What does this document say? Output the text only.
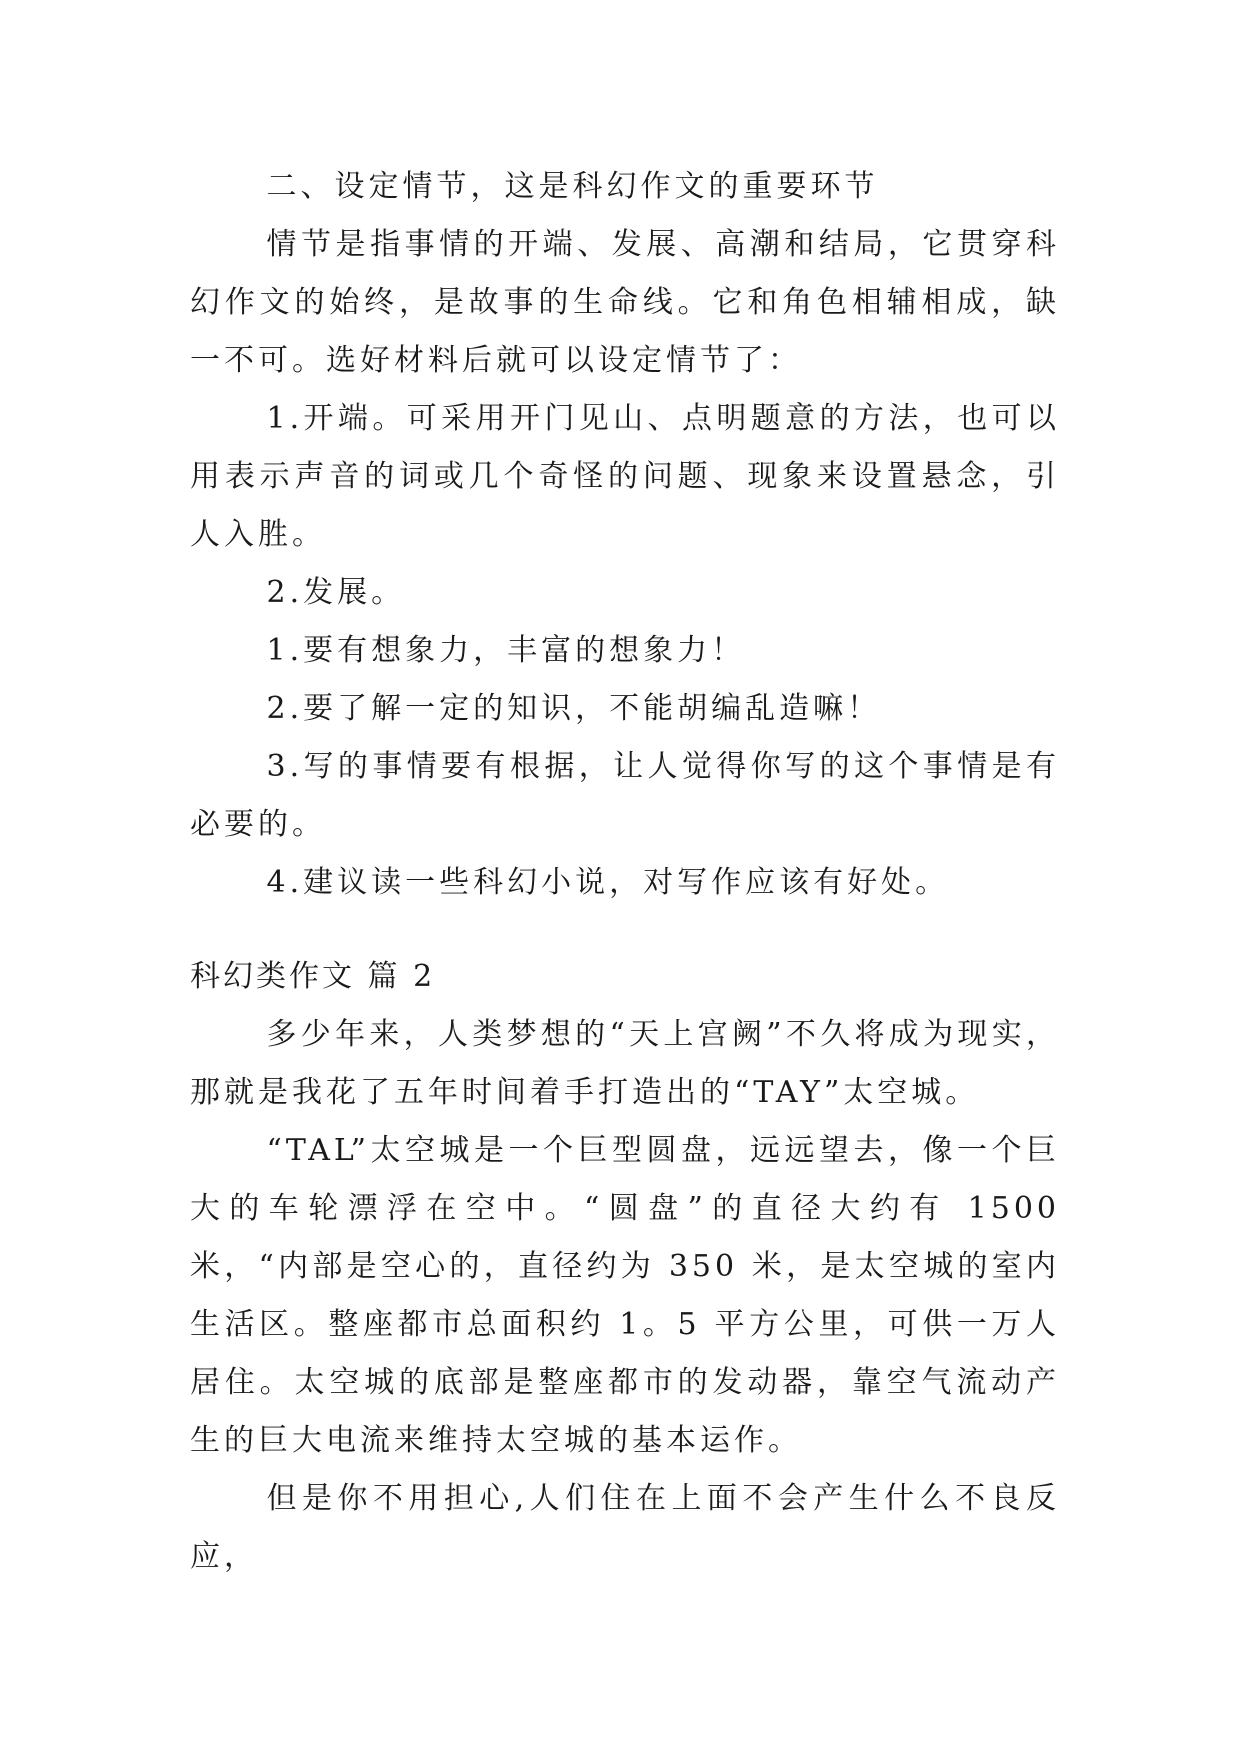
二、设定情节，这是科幻作文的重要环节

情节是指事情的开端、发展、高潮和结局，它贯穿科幻作文的始终，是故事的生命线。它和角色相辅相成，缺一不可。选好材料后就可以设定情节了：

1.开端。可采用开门见山、点明题意的方法，也可以用表示声音的词或几个奇怪的问题、现象来设置悬念，引人入胜。

2.发展。

1.要有想象力，丰富的想象力！

2.要了解一定的知识，不能胡编乱造嘛！

3.写的事情要有根据，让人觉得你写的这个事情是有必要的。

4.建议读一些科幻小说，对写作应该有好处。

科幻类作文 篇 2

多少年来，人类梦想的“天上宫阙”不久将成为现实，那就是我花了五年时间着手打造出的“TAY”太空城。

“TAL”太空城是一个巨型圆盘，远远望去，像一个巨大的车轮漂浮在空中。“圆盘”的直径大约有 1500 米，“内部是空心的，直径约为 350 米，是太空城的室内生活区。整座都市总面积约 1。5 平方公里，可供一万人居住。太空城的底部是整座都市的发动器，靠空气流动产生的巨大电流来维持太空城的基本运作。

但是你不用担心,人们住在上面不会产生什么不良反应，
